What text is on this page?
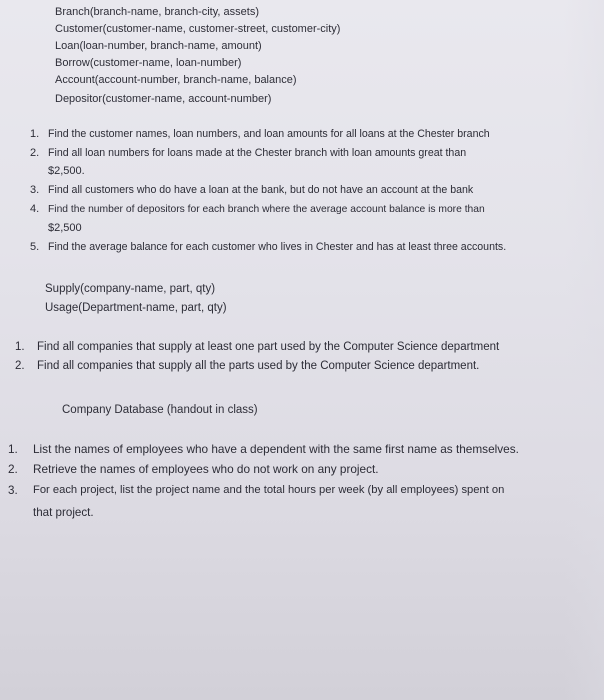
Branch(branch-name, branch-city, assets)
Customer(customer-name, customer-street, customer-city)
Loan(loan-number, branch-name, amount)
Borrow(customer-name, loan-number)
Account(account-number, branch-name, balance)
Depositor(customer-name, account-number)
1. Find the customer names, loan numbers, and loan amounts for all loans at the Chester branch
2. Find all loan numbers for loans made at the Chester branch with loan amounts great than
$2,500.
3. Find all customers who do have a loan at the bank, but do not have an account at the bank
4. Find the number of depositors for each branch where the average account balance is more than
$2,500
5. Find the average balance for each customer who lives in Chester and has at least three accounts.
Supply(company-name, part, qty)
Usage(Department-name, part, qty)
1. Find all companies that supply at least one part used by the Computer Science department
2. Find all companies that supply all the parts used by the Computer Science department.
Company Database (handout in class)
1. List the names of employees who have a dependent with the same first name as themselves.
2. Retrieve the names of employees who do not work on any project.
3. For each project, list the project name and the total hours per week (by all employees) spent on
that project.
